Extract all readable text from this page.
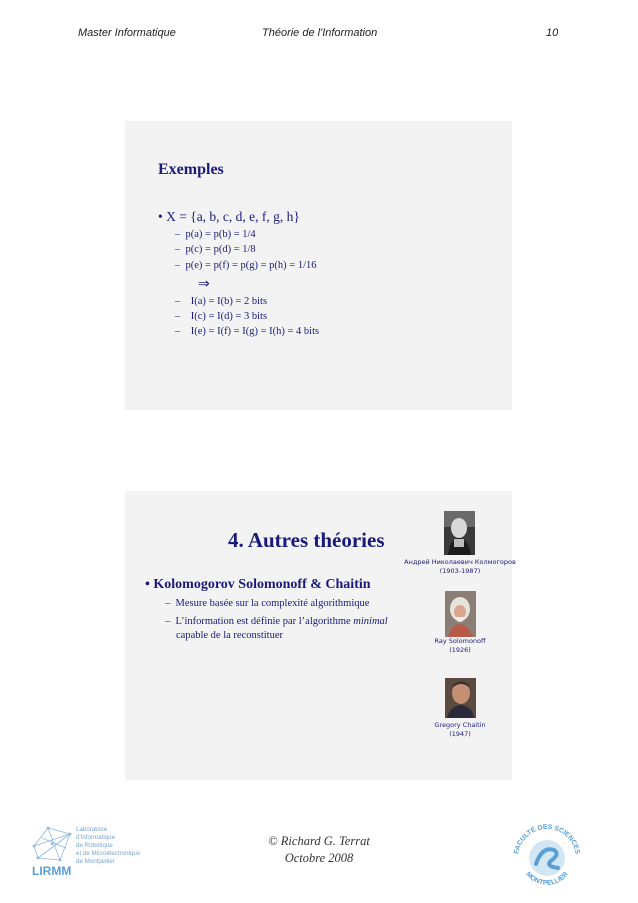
Master Informatique	Théorie de l'Information	10
Exemples
• X = {a, b, c, d, e, f, g, h}
– p(a) = p(b) = 1/4
– p(c) = p(d) = 1/8
– p(e) = p(f) = p(g) = p(h) = 1/16
⇒
– I(a) = I(b) = 2 bits
– I(c) = I(d) = 3 bits
– I(e) = I(f) = I(g) = I(h) = 4 bits
4. Autres théories
• Kolomogorov Solomonoff & Chaitin
–  Mesure basée sur la complexité algorithmique
–  L’information est définie par l’algorithme minimal
capable de la reconstituer
Андрей Николаевич Колмогоров
(1903-1987)
Ray Solomonoff
(1926)
Gregory Chaitin
(1947)
LIRMM
Laboratoire
d'Informatique
de Robotique
et de Microélectronique
de Montpellier
© Richard G. Terrat
Octobre 2008	FACULTÉ DES SCIENCES
MONTPELLIER
